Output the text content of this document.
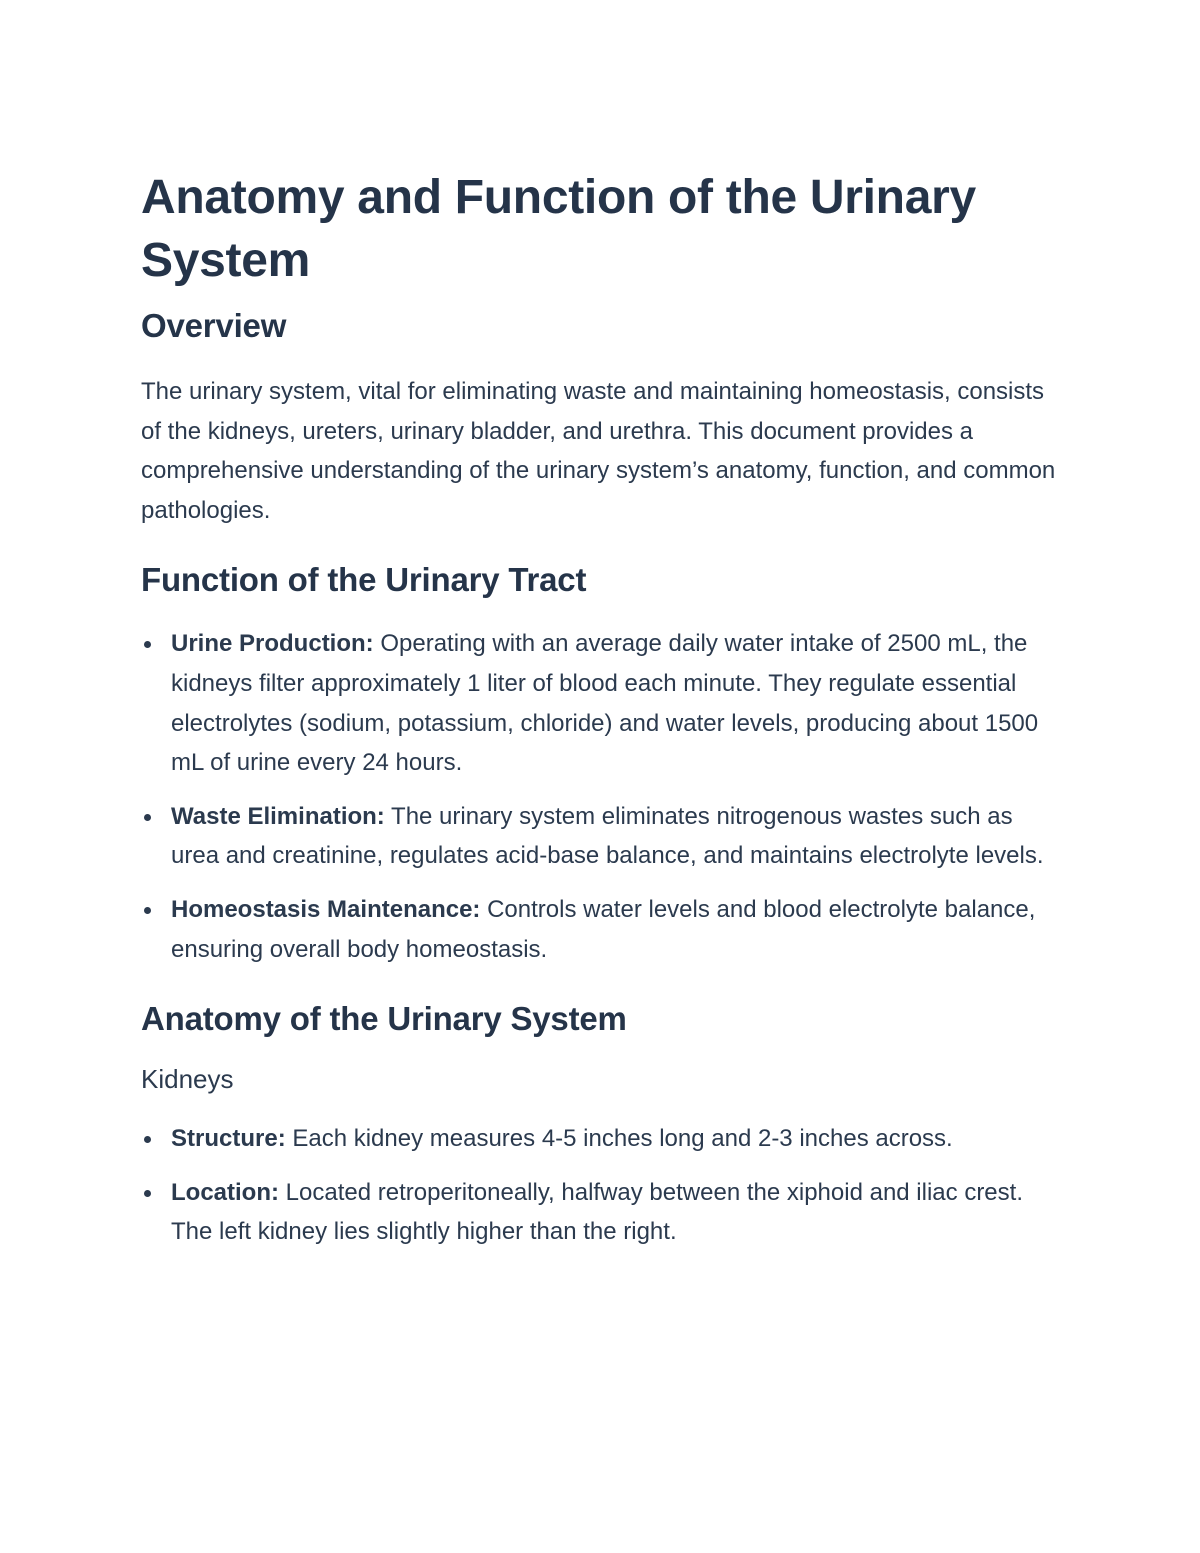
Anatomy and Function of the Urinary System
Overview

The urinary system, vital for eliminating waste and maintaining homeostasis, consists of the kidneys, ureters, urinary bladder, and urethra. This document provides a comprehensive understanding of the urinary system’s anatomy, function, and common pathologies.

Function of the Urinary Tract
Urine Production: Operating with an average daily water intake of 2500 mL, the kidneys filter approximately 1 liter of blood each minute. They regulate essential electrolytes (sodium, potassium, chloride) and water levels, producing about 1500 mL of urine every 24 hours.
Waste Elimination: The urinary system eliminates nitrogenous wastes such as urea and creatinine, regulates acid-base balance, and maintains electrolyte levels.
Homeostasis Maintenance: Controls water levels and blood electrolyte balance, ensuring overall body homeostasis.
Anatomy of the Urinary System
Kidneys
Structure: Each kidney measures 4-5 inches long and 2-3 inches across.
Location: Located retroperitoneally, halfway between the xiphoid and iliac crest. The left kidney lies slightly higher than the right.
